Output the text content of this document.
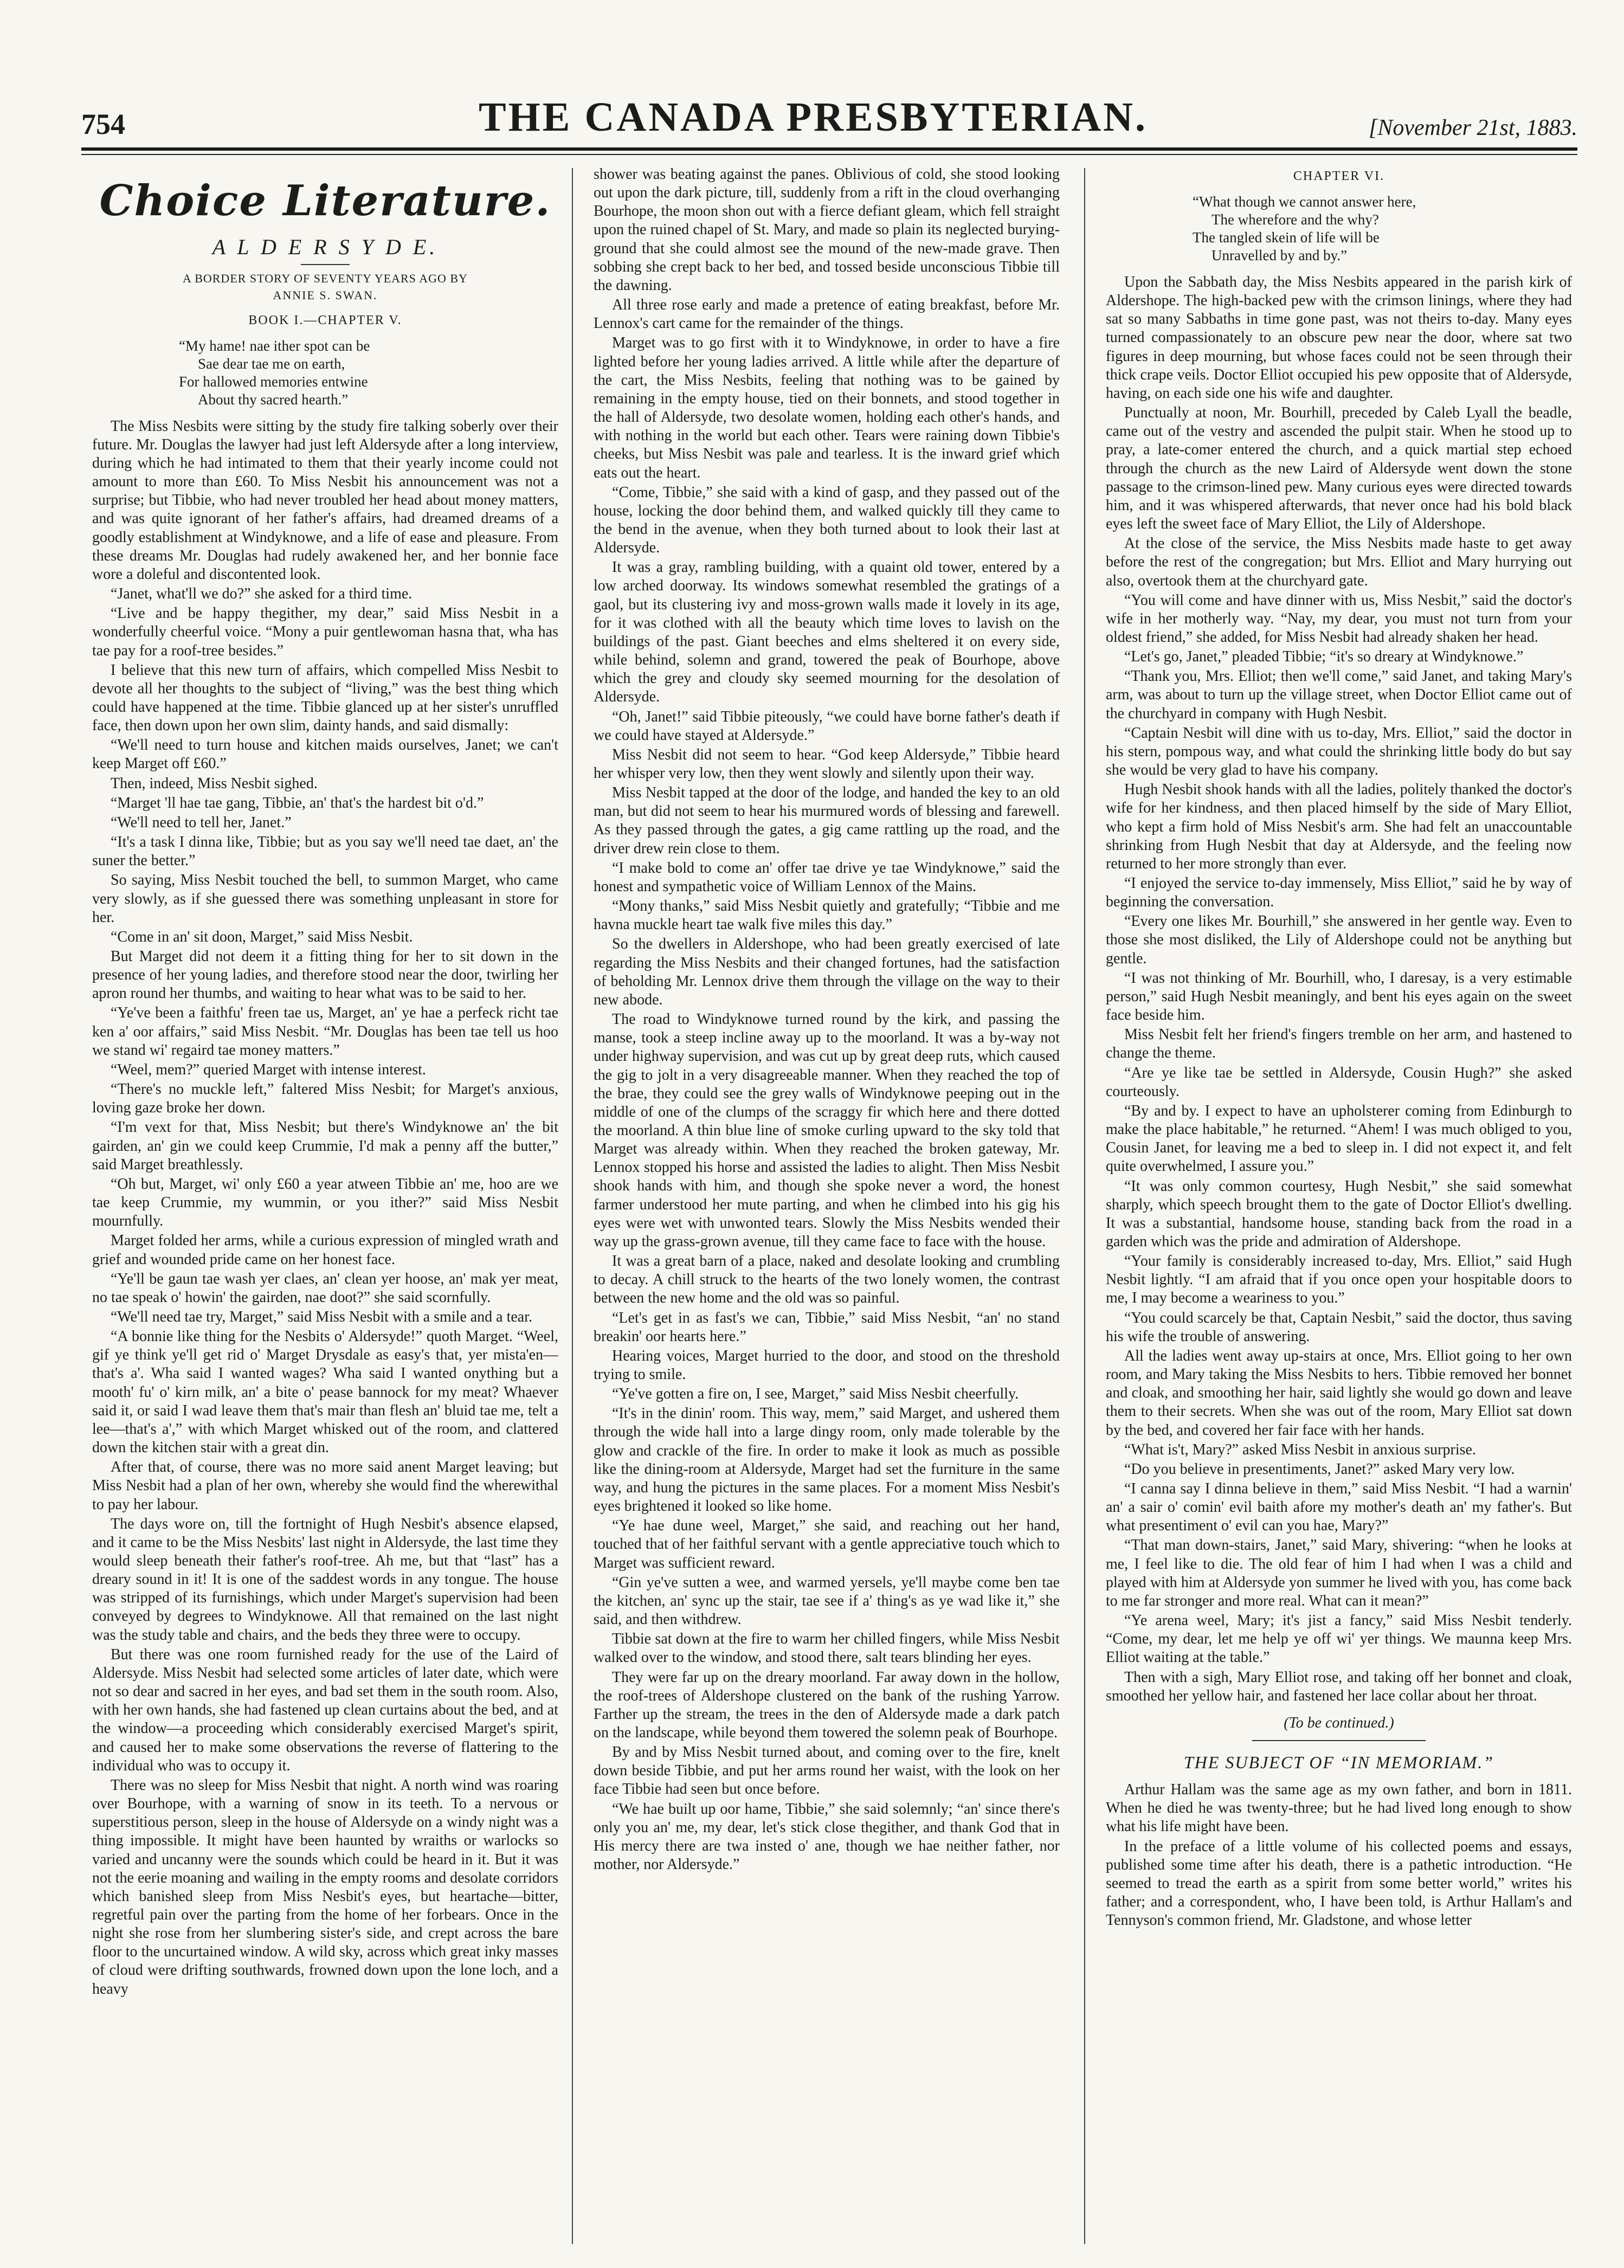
754	THE CANADA PRESBYTERIAN.	[November 21st, 1883.
Choice Literature.
A L D E R S Y D E.
A BORDER STORY OF SEVENTY YEARS AGO BY
ANNIE S. SWAN.
BOOK I.—CHAPTER V.
“My hame! nae ither spot can be
Sae dear tae me on earth,
For hallowed memories entwine
About thy sacred hearth.”

The Miss Nesbits were sitting by the study fire talking soberly over their future. Mr. Douglas the lawyer had just left Aldersyde after a long interview, during which he had intimated to them that their yearly income could not amount to more than £60. To Miss Nesbit his announcement was not a surprise; but Tibbie, who had never troubled her head about money matters, and was quite ignorant of her father's affairs, had dreamed dreams of a goodly establishment at Windyknowe, and a life of ease and pleasure. From these dreams Mr. Douglas had rudely awakened her, and her bonnie face wore a doleful and discontented look.

“Janet, what'll we do?” she asked for a third time.

“Live and be happy thegither, my dear,” said Miss Nesbit in a wonderfully cheerful voice. “Mony a puir gentlewoman hasna that, wha has tae pay for a roof-tree besides.”

I believe that this new turn of affairs, which compelled Miss Nesbit to devote all her thoughts to the subject of “living,” was the best thing which could have happened at the time. Tibbie glanced up at her sister's unruffled face, then down upon her own slim, dainty hands, and said dismally:

“We'll need to turn house and kitchen maids ourselves, Janet; we can't keep Marget off £60.”

Then, indeed, Miss Nesbit sighed.

“Marget 'll hae tae gang, Tibbie, an' that's the hardest bit o'd.”

“We'll need to tell her, Janet.”

“It's a task I dinna like, Tibbie; but as you say we'll need tae daet, an' the suner the better.”

So saying, Miss Nesbit touched the bell, to summon Marget, who came very slowly, as if she guessed there was something unpleasant in store for her.

“Come in an' sit doon, Marget,” said Miss Nesbit.

But Marget did not deem it a fitting thing for her to sit down in the presence of her young ladies, and therefore stood near the door, twirling her apron round her thumbs, and waiting to hear what was to be said to her.

“Ye've been a faithfu' freen tae us, Marget, an' ye hae a perfeck richt tae ken a' oor affairs,” said Miss Nesbit. “Mr. Douglas has been tae tell us hoo we stand wi' regaird tae money matters.”

“Weel, mem?” queried Marget with intense interest.

“There's no muckle left,” faltered Miss Nesbit; for Marget's anxious, loving gaze broke her down.

“I'm vext for that, Miss Nesbit; but there's Windyknowe an' the bit gairden, an' gin we could keep Crummie, I'd mak a penny aff the butter,” said Marget breathlessly.

“Oh but, Marget, wi' only £60 a year atween Tibbie an' me, hoo are we tae keep Crummie, my wummin, or you ither?” said Miss Nesbit mournfully.

Marget folded her arms, while a curious expression of mingled wrath and grief and wounded pride came on her honest face.

“Ye'll be gaun tae wash yer claes, an' clean yer hoose, an' mak yer meat, no tae speak o' howin' the gairden, nae doot?” she said scornfully.

“We'll need tae try, Marget,” said Miss Nesbit with a smile and a tear.

“A bonnie like thing for the Nesbits o' Aldersyde!” quoth Marget. “Weel, gif ye think ye'll get rid o' Marget Drysdale as easy's that, yer mista'en—that's a'. Wha said I wanted wages? Wha said I wanted onything but a mooth' fu' o' kirn milk, an' a bite o' pease bannock for my meat? Whaever said it, or said I wad leave them that's mair than flesh an' bluid tae me, telt a lee—that's a',” with which Marget whisked out of the room, and clattered down the kitchen stair with a great din.

After that, of course, there was no more said anent Marget leaving; but Miss Nesbit had a plan of her own, whereby she would find the wherewithal to pay her labour.

The days wore on, till the fortnight of Hugh Nesbit's absence elapsed, and it came to be the Miss Nesbits' last night in Aldersyde, the last time they would sleep beneath their father's roof-tree. Ah me, but that “last” has a dreary sound in it! It is one of the saddest words in any tongue. The house was stripped of its furnishings, which under Marget's supervision had been conveyed by degrees to Windyknowe. All that remained on the last night was the study table and chairs, and the beds they three were to occupy.

But there was one room furnished ready for the use of the Laird of Aldersyde. Miss Nesbit had selected some articles of later date, which were not so dear and sacred in her eyes, and bad set them in the south room. Also, with her own hands, she had fastened up clean curtains about the bed, and at the window—a proceeding which considerably exercised Marget's spirit, and caused her to make some observations the reverse of flattering to the individual who was to occupy it.

There was no sleep for Miss Nesbit that night. A north wind was roaring over Bourhope, with a warning of snow in its teeth. To a nervous or superstitious person, sleep in the house of Aldersyde on a windy night was a thing impossible. It might have been haunted by wraiths or warlocks so varied and uncanny were the sounds which could be heard in it. But it was not the eerie moaning and wailing in the empty rooms and desolate corridors which banished sleep from Miss Nesbit's eyes, but heartache—bitter, regretful pain over the parting from the home of her forbears. Once in the night she rose from her slumbering sister's side, and crept across the bare floor to the uncurtained window. A wild sky, across which great inky masses of cloud were drifting southwards, frowned down upon the lone loch, and a heavy

shower was beating against the panes. Oblivious of cold, she stood looking out upon the dark picture, till, suddenly from a rift in the cloud overhanging Bourhope, the moon shon out with a fierce defiant gleam, which fell straight upon the ruined chapel of St. Mary, and made so plain its neglected burying-ground that she could almost see the mound of the new-made grave. Then sobbing she crept back to her bed, and tossed beside unconscious Tibbie till the dawning.

All three rose early and made a pretence of eating breakfast, before Mr. Lennox's cart came for the remainder of the things.

Marget was to go first with it to Windyknowe, in order to have a fire lighted before her young ladies arrived. A little while after the departure of the cart, the Miss Nesbits, feeling that nothing was to be gained by remaining in the empty house, tied on their bonnets, and stood together in the hall of Aldersyde, two desolate women, holding each other's hands, and with nothing in the world but each other. Tears were raining down Tibbie's cheeks, but Miss Nesbit was pale and tearless. It is the inward grief which eats out the heart.

“Come, Tibbie,” she said with a kind of gasp, and they passed out of the house, locking the door behind them, and walked quickly till they came to the bend in the avenue, when they both turned about to look their last at Aldersyde.

It was a gray, rambling building, with a quaint old tower, entered by a low arched doorway. Its windows somewhat resembled the gratings of a gaol, but its clustering ivy and moss-grown walls made it lovely in its age, for it was clothed with all the beauty which time loves to lavish on the buildings of the past. Giant beeches and elms sheltered it on every side, while behind, solemn and grand, towered the peak of Bourhope, above which the grey and cloudy sky seemed mourning for the desolation of Aldersyde.

“Oh, Janet!” said Tibbie piteously, “we could have borne father's death if we could have stayed at Aldersyde.”

Miss Nesbit did not seem to hear. “God keep Aldersyde,” Tibbie heard her whisper very low, then they went slowly and silently upon their way.

Miss Nesbit tapped at the door of the lodge, and handed the key to an old man, but did not seem to hear his murmured words of blessing and farewell. As they passed through the gates, a gig came rattling up the road, and the driver drew rein close to them.

“I make bold to come an' offer tae drive ye tae Windyknowe,” said the honest and sympathetic voice of William Lennox of the Mains.

“Mony thanks,” said Miss Nesbit quietly and gratefully; “Tibbie and me havna muckle heart tae walk five miles this day.”

So the dwellers in Aldershope, who had been greatly exercised of late regarding the Miss Nesbits and their changed fortunes, had the satisfaction of beholding Mr. Lennox drive them through the village on the way to their new abode.

The road to Windyknowe turned round by the kirk, and passing the manse, took a steep incline away up to the moorland. It was a by-way not under highway supervision, and was cut up by great deep ruts, which caused the gig to jolt in a very disagreeable manner. When they reached the top of the brae, they could see the grey walls of Windyknowe peeping out in the middle of one of the clumps of the scraggy fir which here and there dotted the moorland. A thin blue line of smoke curling upward to the sky told that Marget was already within. When they reached the broken gateway, Mr. Lennox stopped his horse and assisted the ladies to alight. Then Miss Nesbit shook hands with him, and though she spoke never a word, the honest farmer understood her mute parting, and when he climbed into his gig his eyes were wet with unwonted tears. Slowly the Miss Nesbits wended their way up the grass-grown avenue, till they came face to face with the house.

It was a great barn of a place, naked and desolate looking and crumbling to decay. A chill struck to the hearts of the two lonely women, the contrast between the new home and the old was so painful.

“Let's get in as fast's we can, Tibbie,” said Miss Nesbit, “an' no stand breakin' oor hearts here.”

Hearing voices, Marget hurried to the door, and stood on the threshold trying to smile.

“Ye've gotten a fire on, I see, Marget,” said Miss Nesbit cheerfully.

“It's in the dinin' room. This way, mem,” said Marget, and ushered them through the wide hall into a large dingy room, only made tolerable by the glow and crackle of the fire. In order to make it look as much as possible like the dining-room at Aldersyde, Marget had set the furniture in the same way, and hung the pictures in the same places. For a moment Miss Nesbit's eyes brightened it looked so like home.

“Ye hae dune weel, Marget,” she said, and reaching out her hand, touched that of her faithful servant with a gentle appreciative touch which to Marget was sufficient reward.

“Gin ye've sutten a wee, and warmed yersels, ye'll maybe come ben tae the kitchen, an' sync up the stair, tae see if a' thing's as ye wad like it,” she said, and then withdrew.

Tibbie sat down at the fire to warm her chilled fingers, while Miss Nesbit walked over to the window, and stood there, salt tears blinding her eyes.

They were far up on the dreary moorland. Far away down in the hollow, the roof-trees of Aldershope clustered on the bank of the rushing Yarrow. Farther up the stream, the trees in the den of Aldersyde made a dark patch on the landscape, while beyond them towered the solemn peak of Bourhope.

By and by Miss Nesbit turned about, and coming over to the fire, knelt down beside Tibbie, and put her arms round her waist, with the look on her face Tibbie had seen but once before.

“We hae built up oor hame, Tibbie,” she said solemnly; “an' since there's only you an' me, my dear, let's stick close thegither, and thank God that in His mercy there are twa insted o' ane, though we hae neither father, nor mother, nor Aldersyde.”

CHAPTER VI.
“What though we cannot answer here,
The wherefore and the why?
The tangled skein of life will be
Unravelled by and by.”

Upon the Sabbath day, the Miss Nesbits appeared in the parish kirk of Aldershope. The high-backed pew with the crimson linings, where they had sat so many Sabbaths in time gone past, was not theirs to-day. Many eyes turned compassionately to an obscure pew near the door, where sat two figures in deep mourning, but whose faces could not be seen through their thick crape veils. Doctor Elliot occupied his pew opposite that of Aldersyde, having, on each side one his wife and daughter.

Punctually at noon, Mr. Bourhill, preceded by Caleb Lyall the beadle, came out of the vestry and ascended the pulpit stair. When he stood up to pray, a late-comer entered the church, and a quick martial step echoed through the church as the new Laird of Aldersyde went down the stone passage to the crimson-lined pew. Many curious eyes were directed towards him, and it was whispered afterwards, that never once had his bold black eyes left the sweet face of Mary Elliot, the Lily of Aldershope.

At the close of the service, the Miss Nesbits made haste to get away before the rest of the congregation; but Mrs. Elliot and Mary hurrying out also, overtook them at the churchyard gate.

“You will come and have dinner with us, Miss Nesbit,” said the doctor's wife in her motherly way. “Nay, my dear, you must not turn from your oldest friend,” she added, for Miss Nesbit had already shaken her head.

“Let's go, Janet,” pleaded Tibbie; “it's so dreary at Windyknowe.”

“Thank you, Mrs. Elliot; then we'll come,” said Janet, and taking Mary's arm, was about to turn up the village street, when Doctor Elliot came out of the churchyard in company with Hugh Nesbit.

“Captain Nesbit will dine with us to-day, Mrs. Elliot,” said the doctor in his stern, pompous way, and what could the shrinking little body do but say she would be very glad to have his company.

Hugh Nesbit shook hands with all the ladies, politely thanked the doctor's wife for her kindness, and then placed himself by the side of Mary Elliot, who kept a firm hold of Miss Nesbit's arm. She had felt an unaccountable shrinking from Hugh Nesbit that day at Aldersyde, and the feeling now returned to her more strongly than ever.

“I enjoyed the service to-day immensely, Miss Elliot,” said he by way of beginning the conversation.

“Every one likes Mr. Bourhill,” she answered in her gentle way. Even to those she most disliked, the Lily of Aldershope could not be anything but gentle.

“I was not thinking of Mr. Bourhill, who, I daresay, is a very estimable person,” said Hugh Nesbit meaningly, and bent his eyes again on the sweet face beside him.

Miss Nesbit felt her friend's fingers tremble on her arm, and hastened to change the theme.

“Are ye like tae be settled in Aldersyde, Cousin Hugh?” she asked courteously.

“By and by. I expect to have an upholsterer coming from Edinburgh to make the place habitable,” he returned. “Ahem! I was much obliged to you, Cousin Janet, for leaving me a bed to sleep in. I did not expect it, and felt quite overwhelmed, I assure you.”

“It was only common courtesy, Hugh Nesbit,” she said somewhat sharply, which speech brought them to the gate of Doctor Elliot's dwelling. It was a substantial, handsome house, standing back from the road in a garden which was the pride and admiration of Aldershope.

“Your family is considerably increased to-day, Mrs. Elliot,” said Hugh Nesbit lightly. “I am afraid that if you once open your hospitable doors to me, I may become a weariness to you.”

“You could scarcely be that, Captain Nesbit,” said the doctor, thus saving his wife the trouble of answering.

All the ladies went away up-stairs at once, Mrs. Elliot going to her own room, and Mary taking the Miss Nesbits to hers. Tibbie removed her bonnet and cloak, and smoothing her hair, said lightly she would go down and leave them to their secrets. When she was out of the room, Mary Elliot sat down by the bed, and covered her fair face with her hands.

“What is't, Mary?” asked Miss Nesbit in anxious surprise.

“Do you believe in presentiments, Janet?” asked Mary very low.

“I canna say I dinna believe in them,” said Miss Nesbit. “I had a warnin' an' a sair o' comin' evil baith afore my mother's death an' my father's. But what presentiment o' evil can you hae, Mary?”

“That man down-stairs, Janet,” said Mary, shivering: “when he looks at me, I feel like to die. The old fear of him I had when I was a child and played with him at Aldersyde yon summer he lived with you, has come back to me far stronger and more real. What can it mean?”

“Ye arena weel, Mary; it's jist a fancy,” said Miss Nesbit tenderly. “Come, my dear, let me help ye off wi' yer things. We maunna keep Mrs. Elliot waiting at the table.”

Then with a sigh, Mary Elliot rose, and taking off her bonnet and cloak, smoothed her yellow hair, and fastened her lace collar about her throat.

(To be continued.)
THE SUBJECT OF “IN MEMORIAM.”

Arthur Hallam was the same age as my own father, and born in 1811. When he died he was twenty-three; but he had lived long enough to show what his life might have been.

In the preface of a little volume of his collected poems and essays, published some time after his death, there is a pathetic introduction. “He seemed to tread the earth as a spirit from some better world,” writes his father; and a correspondent, who, I have been told, is Arthur Hallam's and Tennyson's common friend, Mr. Gladstone, and whose letter
